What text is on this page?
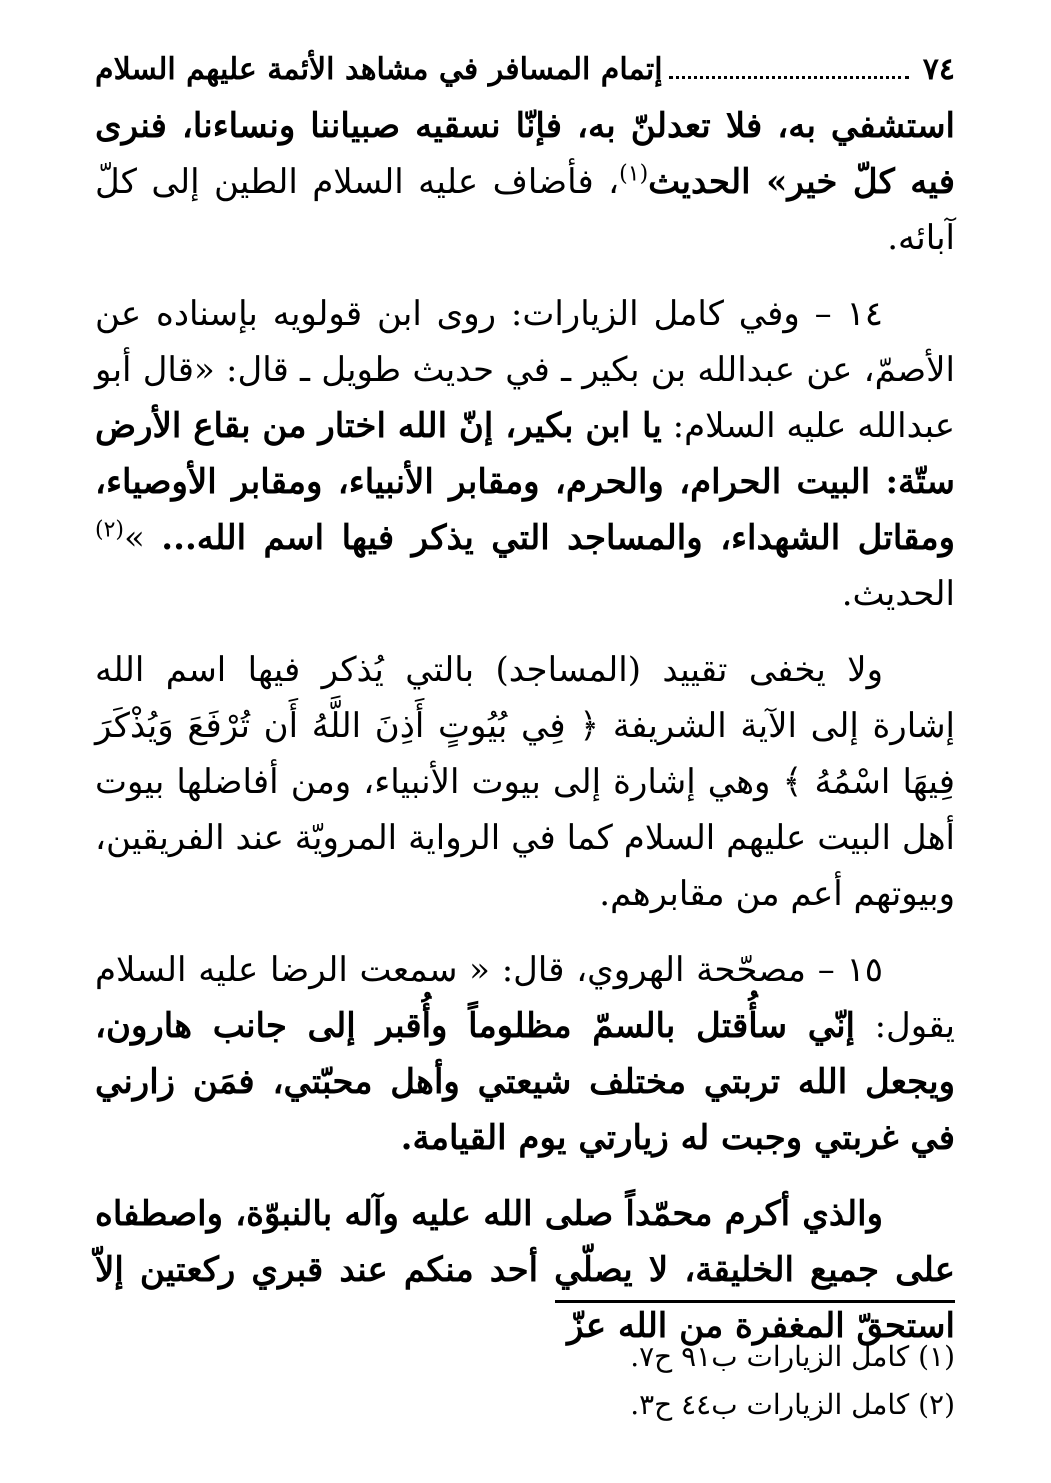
٧٤
إتمام المسافر في مشاهد الأئمة عليهم السلام

استشفي به، فلا تعدلنّ به، فإنّا نسقيه صبياننا ونساءنا، فنرى فيه كلّ خير» الحديث$^{(١)}$، فأضاف عليه السلام الطين إلى كلّ آبائه.

١٤ – وفي كامل الزيارات: روى ابن قولويه بإسناده عن الأصمّ، عن عبدالله بن بكير ـ في حديث طويل ـ قال: «قال أبو عبدالله عليه السلام: يا ابن بكير، إنّ الله اختار من بقاع الأرض ستّة: البيت الحرام، والحرم، ومقابر الأنبياء، ومقابر الأوصياء، ومقاتل الشهداء، والمساجد التي يذكر فيها اسم الله... »$^{(٢)}$ الحديث.

ولا يخفى تقييد (المساجد) بالتي يُذكر فيها اسم الله إشارة إلى الآية الشريفة ﴿ فِي بُيُوتٍ أَذِنَ اللَّهُ أَن تُرْفَعَ وَيُذْكَرَ فِيهَا اسْمُهُ ﴾ وهي إشارة إلى بيوت الأنبياء، ومن أفاضلها بيوت أهل البيت عليهم السلام كما في الرواية المرويّة عند الفريقين، وبيوتهم أعم من مقابرهم.

١٥ – مصحّحة الهروي، قال: « سمعت الرضا عليه السلام يقول: إنّي سأُقتل بالسمّ مظلوماً وأُقبر إلى جانب هارون، ويجعل الله تربتي مختلف شيعتي وأهل محبّتي، فمَن زارني في غربتي وجبت له زيارتي يوم القيامة.

والذي أكرم محمّداً صلى الله عليه وآله بالنبوّة، واصطفاه على جميع الخليقة، لا يصلّي أحد منكم عند قبري ركعتين إلاّ استحقّ المغفرة من الله عزّ

(١) كامل الزيارات ب٩١ ح٧.

(٢) كامل الزيارات ب٤٤ ح٣.
